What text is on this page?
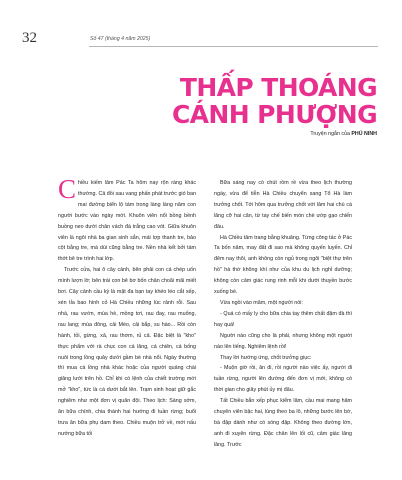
32	Số 47 (tháng 4 năm 2025)
THẤP THOÁNG
CÁNH PHƯỢNG
Truyện ngắn của PHÚ NINH

Chiều kiếm lâm Pác Ta hôm nay rộn ràng khác thường. Cả đồi sau vang phấn phát trước gió ban mai đường biển lộ tám trong làng làng năm con người bước vào ngày mới. Khuôn viên nổi bồng bềnh buồng neo dưới chân vách đá trắng cao vót. Giữa khuôn viên là ngôi nhà ba gian sinh sắn, mái lợp thanh tre, bảo cột bằng tre, mà dùi cũng bằng tre. Nền nhà kết bởi tám thớt bê tre trình hai lớp.

Trước cửa, hai ô cây cảnh, bên phải con cá chép uốn mình lượn lờ; bên trái con bê bơ bốn chân choãi mãi miết bơi. Cây cảnh cầu kỳ là mặt đa bạn tay khéo léo cắt xếp, xén tỉa bao hình cỏ Hà Chiều những lúc rảnh rỗi. Sau nhà, rau vườn, mùa hè, mồng tơi, rau đay, rau muống, rau lang; mùa đông, cải Mèo, cải bắp, su hào... Rồi còn hành, tỏi, gừng, xả, rau thơm, rủ cả. Đặc biệt là "kho" thực phẩm với rà chục con cá lăng, cá chiên, cá bống nuôi trong lồng quây dưới gầm bè nhà nổi. Ngày thường thì mua cá lồng nhà khác hoặc của người quảng chài giăng lưới trên hồ. Chỉ khi có lệnh của chiết trường mới mở "kho", tức là cá dưới bắt lên. Trạm sinh hoạt giữ gắc nghiêm như một đơn vị quân đội. Theo lịch: Sáng sớm, ăn bữa chính, chia thành hai hướng đi tuần rừng; buổi trưa ăn bữa phụ dam theo. Chiều muộn trở về, mới nấu nướng bữa tối

Bữa sáng nay có chút rồm rề vừa theo lịch thường ngày, vừa để tiễn Hà Chiều chuyển sang Tổ Hà làm trưởng chốt. Tới hôm qua trưởng chốt với lâm hai chú cá lăng cỡ hai cân, từ tay chế biến món chè ướp gạo chiến đâu.

Hà Chiều tâm trang bằng khuăng. Từng công tác ở Pác Ta bốn năm, may đất đi sao mà không quyến luyến. Chỉ đêm nay thôi, anh không còn ngủ trong ngôi "biệt thự trên hồ" hà thờ không khí như của khu du lịch nghỉ dưỡng; không còn cảm giác rung rinh mỗi khi dưới thuyền bước xuống bè.

Vừa ngồi vào mâm, một người nói:

- Quá có mấy ly cho bữa chia tay thêm chất đậm đà thì hay quá!

Người nào cũng cho là phải, nhưng không một người nào lên tiếng. Nghiêm lệnh rồi!

Thay lời hướng ứng, chốt trưởng giục:

- Muộn giờ rồi, ăn đi, rồi người nào việc ấy, người đi tuần rừng, người lên đường đến đơn vị mới, không có thời gian cho giây phút ủy mị đâu.

Tất Chiều bắn xếp phục kiểm lâm, cầu mai mang hăm chuyên viên bậc hai, lùng theo ba lô, những bước lên bờ, bà đập dành như có sóng đập. Không theo đường lớn, anh đi xuyên rừng. Đặc chân lên lối cũ, cảm giác lâng lâng. Trước
